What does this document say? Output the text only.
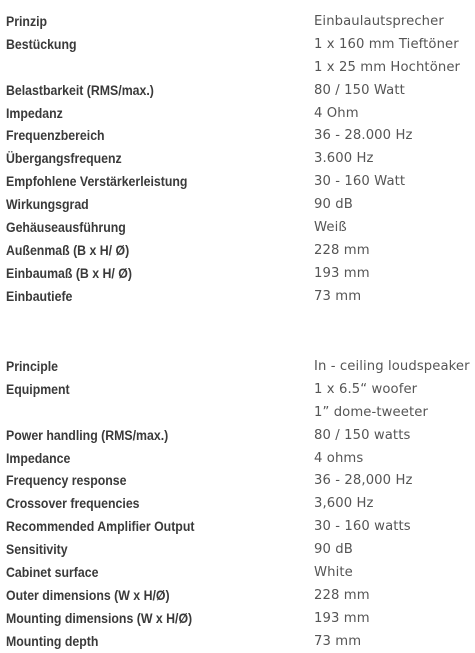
Prinzip	Einbaulautsprecher

Bestückung	1 x 160 mm Tieftöner

	1 x 25 mm Hochtöner

Belastbarkeit (RMS/max.)	80 / 150 Watt

Impedanz	4 Ohm

Frequenzbereich	36 - 28.000 Hz

Übergangsfrequenz	3.600 Hz

Empfohlene Verstärkerleistung	30 - 160 Watt

Wirkungsgrad	90 dB

Gehäuseausführung	Weiß

Außenmaß (B x H/ Ø)	228 mm

Einbaumaß (B x H/ Ø)	193 mm

Einbautiefe	73 mm
Principle	In - ceiling loudspeaker

Equipment	1 x 6.5“ woofer

	1” dome-tweeter

Power handling (RMS/max.)	80 / 150 watts

Impedance	4 ohms

Frequency response	36 - 28,000 Hz

Crossover frequencies	3,600 Hz

Recommended Amplifier Output	30 - 160 watts

Sensitivity	90 dB

Cabinet surface	White

Outer dimensions (W x H/Ø)	228 mm

Mounting dimensions (W x H/Ø)	193 mm

Mounting depth	73 mm
